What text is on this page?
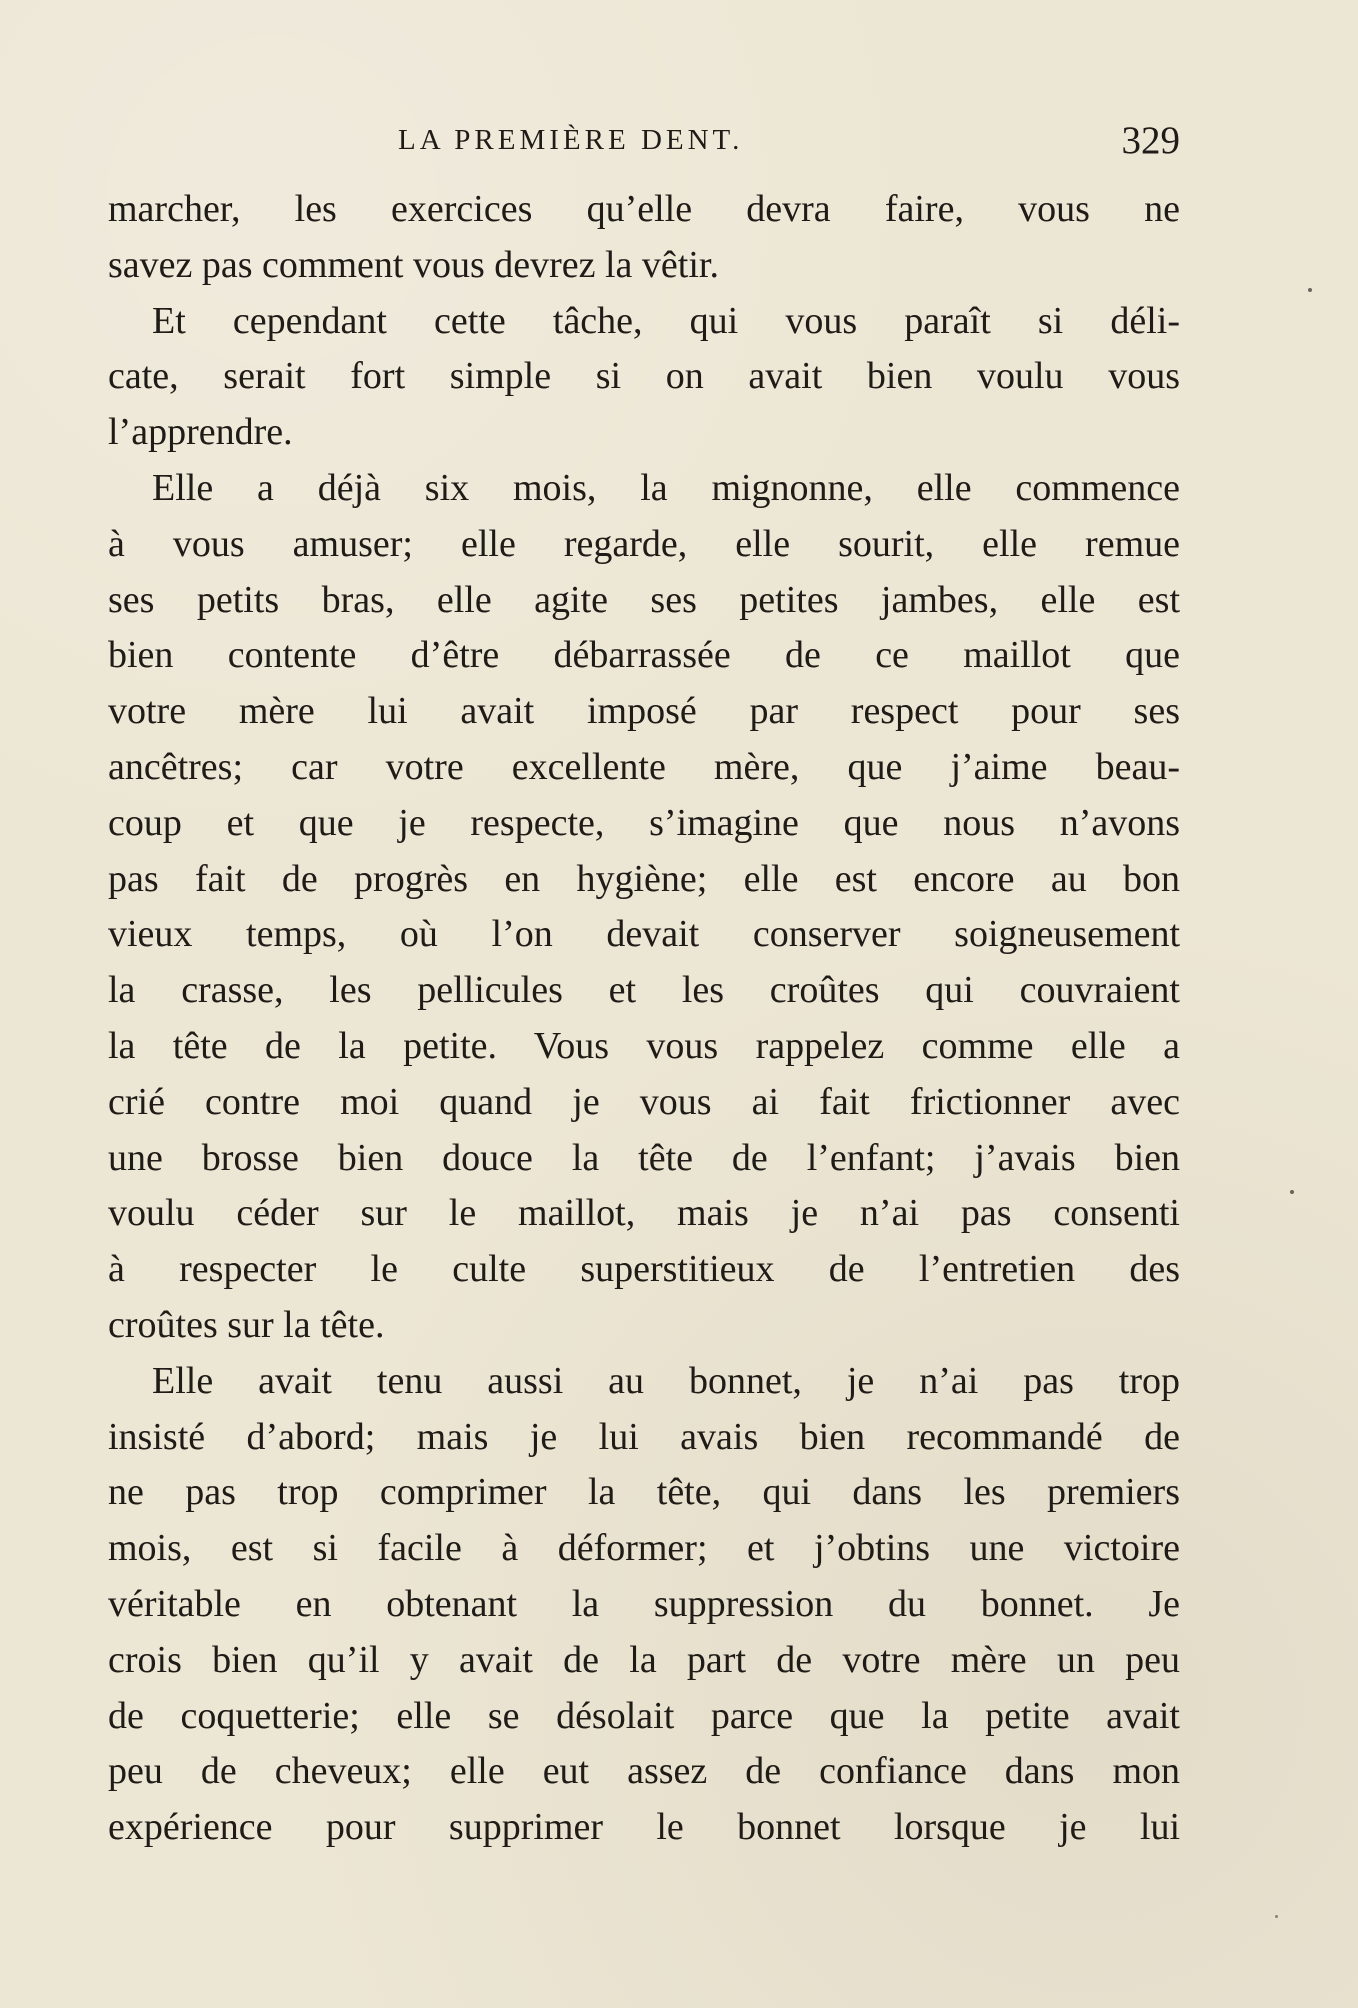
LA PREMIÈRE DENT.	329
marcher, les exercices qu’elle devra faire, vous ne
savez pas comment vous devrez la vêtir.
Et cependant cette tâche, qui vous paraît si déli-
cate, serait fort simple si on avait bien voulu vous
l’apprendre.
Elle a déjà six mois, la mignonne, elle commence
à vous amuser; elle regarde, elle sourit, elle remue
ses petits bras, elle agite ses petites jambes, elle est
bien contente d’être débarrassée de ce maillot que
votre mère lui avait imposé par respect pour ses
ancêtres; car votre excellente mère, que j’aime beau-
coup et que je respecte, s’imagine que nous n’avons
pas fait de progrès en hygiène; elle est encore au bon
vieux temps, où l’on devait conserver soigneusement
la crasse, les pellicules et les croûtes qui couvraient
la tête de la petite. Vous vous rappelez comme elle a
crié contre moi quand je vous ai fait frictionner avec
une brosse bien douce la tête de l’enfant; j’avais bien
voulu céder sur le maillot, mais je n’ai pas consenti
à respecter le culte superstitieux de l’entretien des
croûtes sur la tête.
Elle avait tenu aussi au bonnet, je n’ai pas trop
insisté d’abord; mais je lui avais bien recommandé de
ne pas trop comprimer la tête, qui dans les premiers
mois, est si facile à déformer; et j’obtins une victoire
véritable en obtenant la suppression du bonnet. Je
crois bien qu’il y avait de la part de votre mère un peu
de coquetterie; elle se désolait parce que la petite avait
peu de cheveux; elle eut assez de confiance dans mon
expérience pour supprimer le bonnet lorsque je lui
